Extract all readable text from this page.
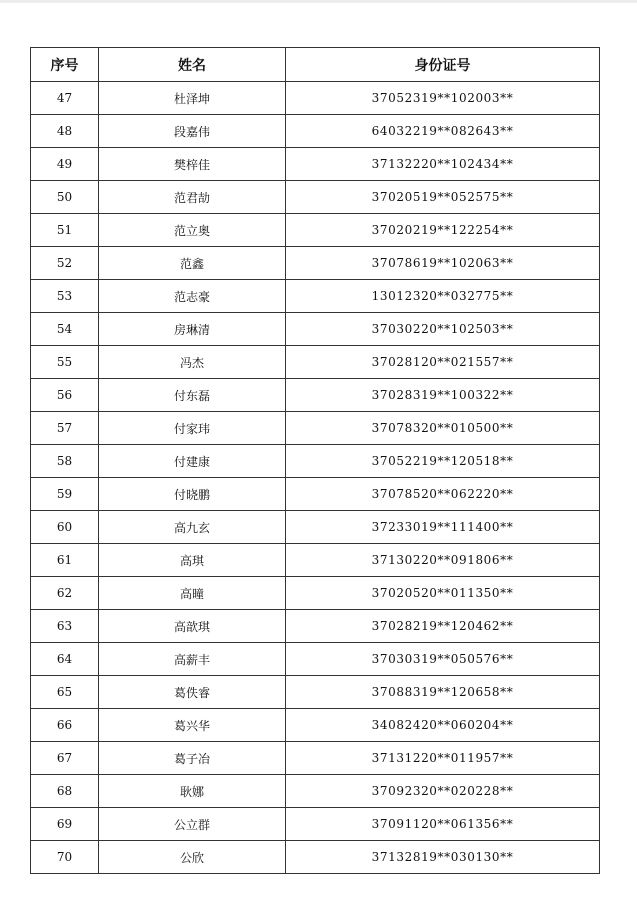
序号	姓名	身份证号
47	杜泽坤	37052319**102003**
48	段嘉伟	64032219**082643**
49	樊梓佳	37132220**102434**
50	范君劼	37020519**052575**
51	范立奥	37020219**122254**
52	范鑫	37078619**102063**
53	范志豪	13012320**032775**
54	房琳清	37030220**102503**
55	冯杰	37028120**021557**
56	付东磊	37028319**100322**
57	付家玮	37078320**010500**
58	付建康	37052219**120518**
59	付晓鹏	37078520**062220**
60	高九玄	37233019**111400**
61	高琪	37130220**091806**
62	高曈	37020520**011350**
63	高歆琪	37028219**120462**
64	高薪丰	37030319**050576**
65	葛佚睿	37088319**120658**
66	葛兴华	34082420**060204**
67	葛子冶	37131220**011957**
68	耿娜	37092320**020228**
69	公立群	37091120**061356**
70	公欣	37132819**030130**
